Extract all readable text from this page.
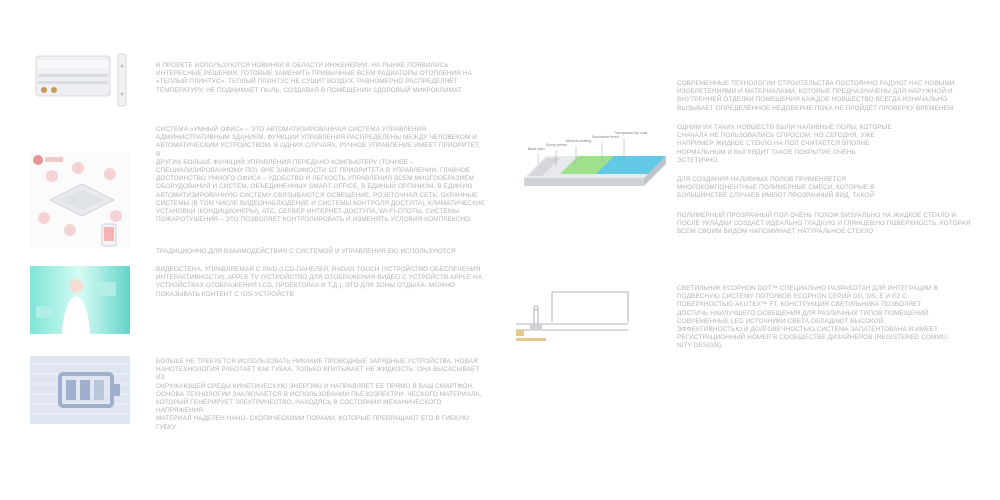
В ПРОЕКТЕ ИСПОЛЬЗУЮТСЯ НОВИНКИ В ОБЛАСТИ ИНЖЕНЕРИИ. НА РЫНКЕ ПОЯВИЛИСЬ
ИНТЕРЕСНЫЕ РЕШЕНИЯ, ГОТОВЫЕ ЗАМЕНИТЬ ПРИВЫЧНЫЕ ВСЕМ РАДИАТОРЫ ОТОПЛЕНИЯ НА
«ТЕПЛЫЙ ПЛИНТУС». ТЕПЛЫЙ ПЛИНТУС НЕ СУШИТ ВОЗДУХ, РАВНОМЕРНО РАСПРЕДЕЛЯЕТ
ТЕМПЕРАТУРУ, НЕ ПОДНИМАЕТ ПЫЛЬ, СОЗДАВАЯ В ПОМЕЩЕНИИ ЗДОРОВЫЙ МИКРОКЛИМАТ.
СИСТЕМА «УМНЫЙ ОФИС» – ЭТО АВТОМАТИЗИРОВАННАЯ СИСТЕМА УПРАВЛЕНИЯ
АДМИНИСТРАТИВНЫМ ЗДАНИЕМ. ФУНКЦИИ УПРАВЛЕНИЯ РАСПРЕДЕЛЕНЫ МЕЖДУ ЧЕЛОВЕКОМ И
АВТОМАТИЧЕСКИМ УСТРОЙСТВОМ. В ОДНИХ СЛУЧАЯХ, РУЧНОЕ УПРАВЛЕНИЕ ИМЕЕТ ПРИОРИТЕТ, В
ДРУГИХ БОЛЬШЕ ФУНКЦИЙ УПРАВЛЕНИЯ ПЕРЕДАНО КОМПЬЮТЕРУ (ТОЧНЕЕ –
СПЕЦИАЛИЗИРОВАННОМУ ПО). ВНЕ ЗАВИСИМОСТИ ОТ ПРИОРИТЕТА В УПРАВЛЕНИИ, ГЛАВНОЕ
ДОСТОИНСТВО УМНОГО ОФИСА – УДОБСТВО И ЛЕГКОСТЬ УПРАВЛЕНИЯ ВСЕМ МНОГООБРАЗИЕМ
ОБОРУДОВАНИЯ И СИСТЕМ, ОБЪЕДИНЕННЫХ SMART OFFICE, В ЕДИНЫЙ ОРГАНИЗМ. В ЕДИНУЮ
АВТОМАТИЗИРОВАННУЮ СИСТЕМУ СВЯЗЫВАЮТСЯ ОСВЕЩЕНИЕ, РОЗЕТОЧНАЯ СЕТЬ, ОХРАННЫЕ
СИСТЕМЫ (В ТОМ ЧИСЛЕ ВИДЕОНАБЛЮДЕНИЕ И СИСТЕМЫ КОНТРОЛЯ ДОСТУПА), КЛИМАТИЧЕСКИЕ
УСТАНОВКИ (КОНДИЦИОНЕРЫ), АТС, СЕРВЕР ИНТЕРНЕТ-ДОСТУПА, WI-FI-СПОТЫ, СИСТЕМЫ
ПОЖАРОТУШЕНИЯ – ЭТО ПОЗВОЛЯЕТ КОНТРОЛИРОВАТЬ И ИЗМЕНЯТЬ УСЛОВИЯ КОМПЛЕКСНО.
ТРАДИЦИОННО ДЛЯ ВЗАИМОДЕЙСТВИЯ С СИСТЕМОЙ И УПРАВЛЕНИЯ ЕЮ ИСПОЛЬЗУЮТСЯ
ВИДЕОСТЕНА, УПРАВЛЯЕМАЯ С IPAD (LCD-ПАНЕЛЕЙ, RADAR TOUCH (УСТРОЙСТВО ОБЕСПЕЧЕНИЯ
ИНТЕРАКТИВНОСТИ), APPLE TV (УСТРОЙСТВО ДЛЯ ОТОБРАЖЕНИЯ ВИДЕО С УСТРОЙСТВ APPLE НА
УСТРОЙСТВАХ ОТОБРАЖЕНИЯ LCD, ПРОЕКТОРАХ И Т.Д.). ЭТО ДЛЯ ЗОНЫ ОТДЫХА- МОЖНО
ПОКАЗЫВАТЬ КОНТЕНТ С IOS-УСТРОЙСТВ
БОЛЬШЕ НЕ ТРЕБУЕТСЯ ИСПОЛЬЗОВАТЬ НИКАКИЕ ПРОВОДНЫЕ ЗАРЯДНЫЕ УСТРОЙСТВА. НОВАЯ
НАНОТЕХНОЛОГИЯ РАБОТАЕТ КАК ГУБКА, ТОЛЬКО ВПИТЫВАЕТ НЕ ЖИДКОСТЬ: ОНА ВЫСАСЫВАЕТ ИЗ
ОКРУЖАЮЩЕЙ СРЕДЫ КИНЕТИЧЕСКУЮ ЭНЕРГИЮ И НАПРАВЛЯЕТ ЕЕ ПРЯМО В ВАШ СМАРТФОН.
ОСНОВА ТЕХНОЛОГИИ ЗАКЛЮЧАЕТСЯ В ИСПОЛЬЗОВАНИИ ПЬЕЗОЭЛЕКТРИ- ЧЕСКОГО МАТЕРИАЛА,
КОТОРЫЙ ГЕНЕРИРУЕТ ЭЛЕКТРИЧЕСТВО, НАХОДЯСЬ В СОСТОЯНИИ МЕХАНИЧЕСКОГО НАПРЯЖЕНИЯ.
МАТЕРИАЛ НАДЕЛЕН НАНО- СКОПИЧЕСКИМИ ПОРАМИ, КОТОРЫЕ ПРЕВРАЩАЮТ ЕГО В ГИБКУЮ
ГУБКУ.
СОВРЕМЕННЫЕ ТЕХНОЛОГИИ СТРОИТЕЛЬСТВА ПОСТОЯННО РАДУЮТ НАС НОВЫМИ
ИЗОБРЕТЕНИЯМИ И МАТЕРИАЛАМИ, КОТОРЫЕ ПРЕДНАЗНАЧЕНЫ ДЛЯ НАРУЖНОЙ И
ВНУТРЕННЕЙ ОТДЕЛКИ ПОМЕЩЕНИЯ КАЖДОЕ НОВШЕСТВО ВСЕГДА ИЗНАЧАЛЬНО
ВЫЗЫВАЕТ ОПРЕДЕЛЁННОЕ НЕДОВЕРИЕ ПОКА НЕ ПРОЙДЁТ ПРОВЕРКУ ВРЕМЕНЕМ
Base layer
Epoxy primer
Medium coating
Decorative finish
Transparent top coat
ОДНИМ ИХ ТАКИХ НОВШЕСТВ БЫЛИ НАЛИВНЫЕ ПОЛЫ, КОТОРЫЕ
СНАЧАЛА НЕ ПОЛЬЗОВАЛИСЬ СПРОСОМ, НО СЕГОДНЯ, УЖЕ
НАПРИМЕР ЖИДКОЕ СТЕКЛО НА ПОЛ СЧИТАЕТСЯ ВПОЛНЕ
НОРМАЛЬНЫМ И ВЫГЛЯДИТ ТАКОЕ ПОКРЫТИЕ ОЧЕНЬ
ЭСТЕТИЧНО.
ДЛЯ СОЗДАНИЯ НАЛИВНЫХ ПОЛОВ ПРИМЕНЯЕТСЯ
МНОГОКОМПОНЕНТНЫЕ ПОЛИМЕРНЫЕ СМЕСИ, КОТОРЫЕ В
БОЛЬШИНСТВЕ СЛУЧАЕВ ИМЕЮТ ПРОЗРАЧНЫЙ ВИД. ТАКОЙ
ПОЛИМЕРНЫЙ ПРОЗРАЧНЫЙ ПОЛ ОЧЕНЬ ПОХОЖ ВИЗУАЛЬНО НА ЖИДКОЕ СТЕКЛО И
ПОСЛЕ УКЛАДКИ СОЗДАЁТ ИДЕАЛЬНО ГЛАДКУЮ И ГЛЯНЦЕВУЮ ПОВЕРХНОСТЬ, КОТОРАЯ
ВСЕМ СВОИМ ВИДОМ НАПОМИНАЕТ НАТУРАЛЬНОЕ СТЕКЛО
СВЕТИЛЬНИК ECOPHON DOT™ СПЕЦИАЛЬНО РАЗРАБОТАН ДЛЯ ИНТЕГРАЦИИ В
ПОДВЕСНУЮ СИСТЕМУ ПОТОЛКОВ ECOPHON СЕРИЙ DG, DS, E И E2 С
ПОВЕРХНОСТЬЮ AKUTEX™ FT. КОНСТРУКЦИЯ СВЕТИЛЬНИКА ПОЗВОЛЯЕТ
ДОСТИЧЬ НАИЛУЧШЕГО ОСВЕЩЕНИЯ ДЛЯ РАЗЛИЧНЫХ ТИПОВ ПОМЕЩЕНИЙ.
СОВРЕМЕННЫЕ LED ИСТОЧНИКИ СВЕТА ОБЛАДАЮТ ВЫСОКОЙ
ЭФФЕКТИВНОСТЬЮ И ДОЛГОВЕЧНОСТЬЮ.СИСТЕМА ЗАПАТЕНТОВАНА И ИМЕЕТ
РЕГИСТРАЦИОННЫЙ НОМЕР В СООБЩЕСТВЕ ДИЗАЙНЕРОВ (REGISTERED COMMU-
NITY DESIGN).
